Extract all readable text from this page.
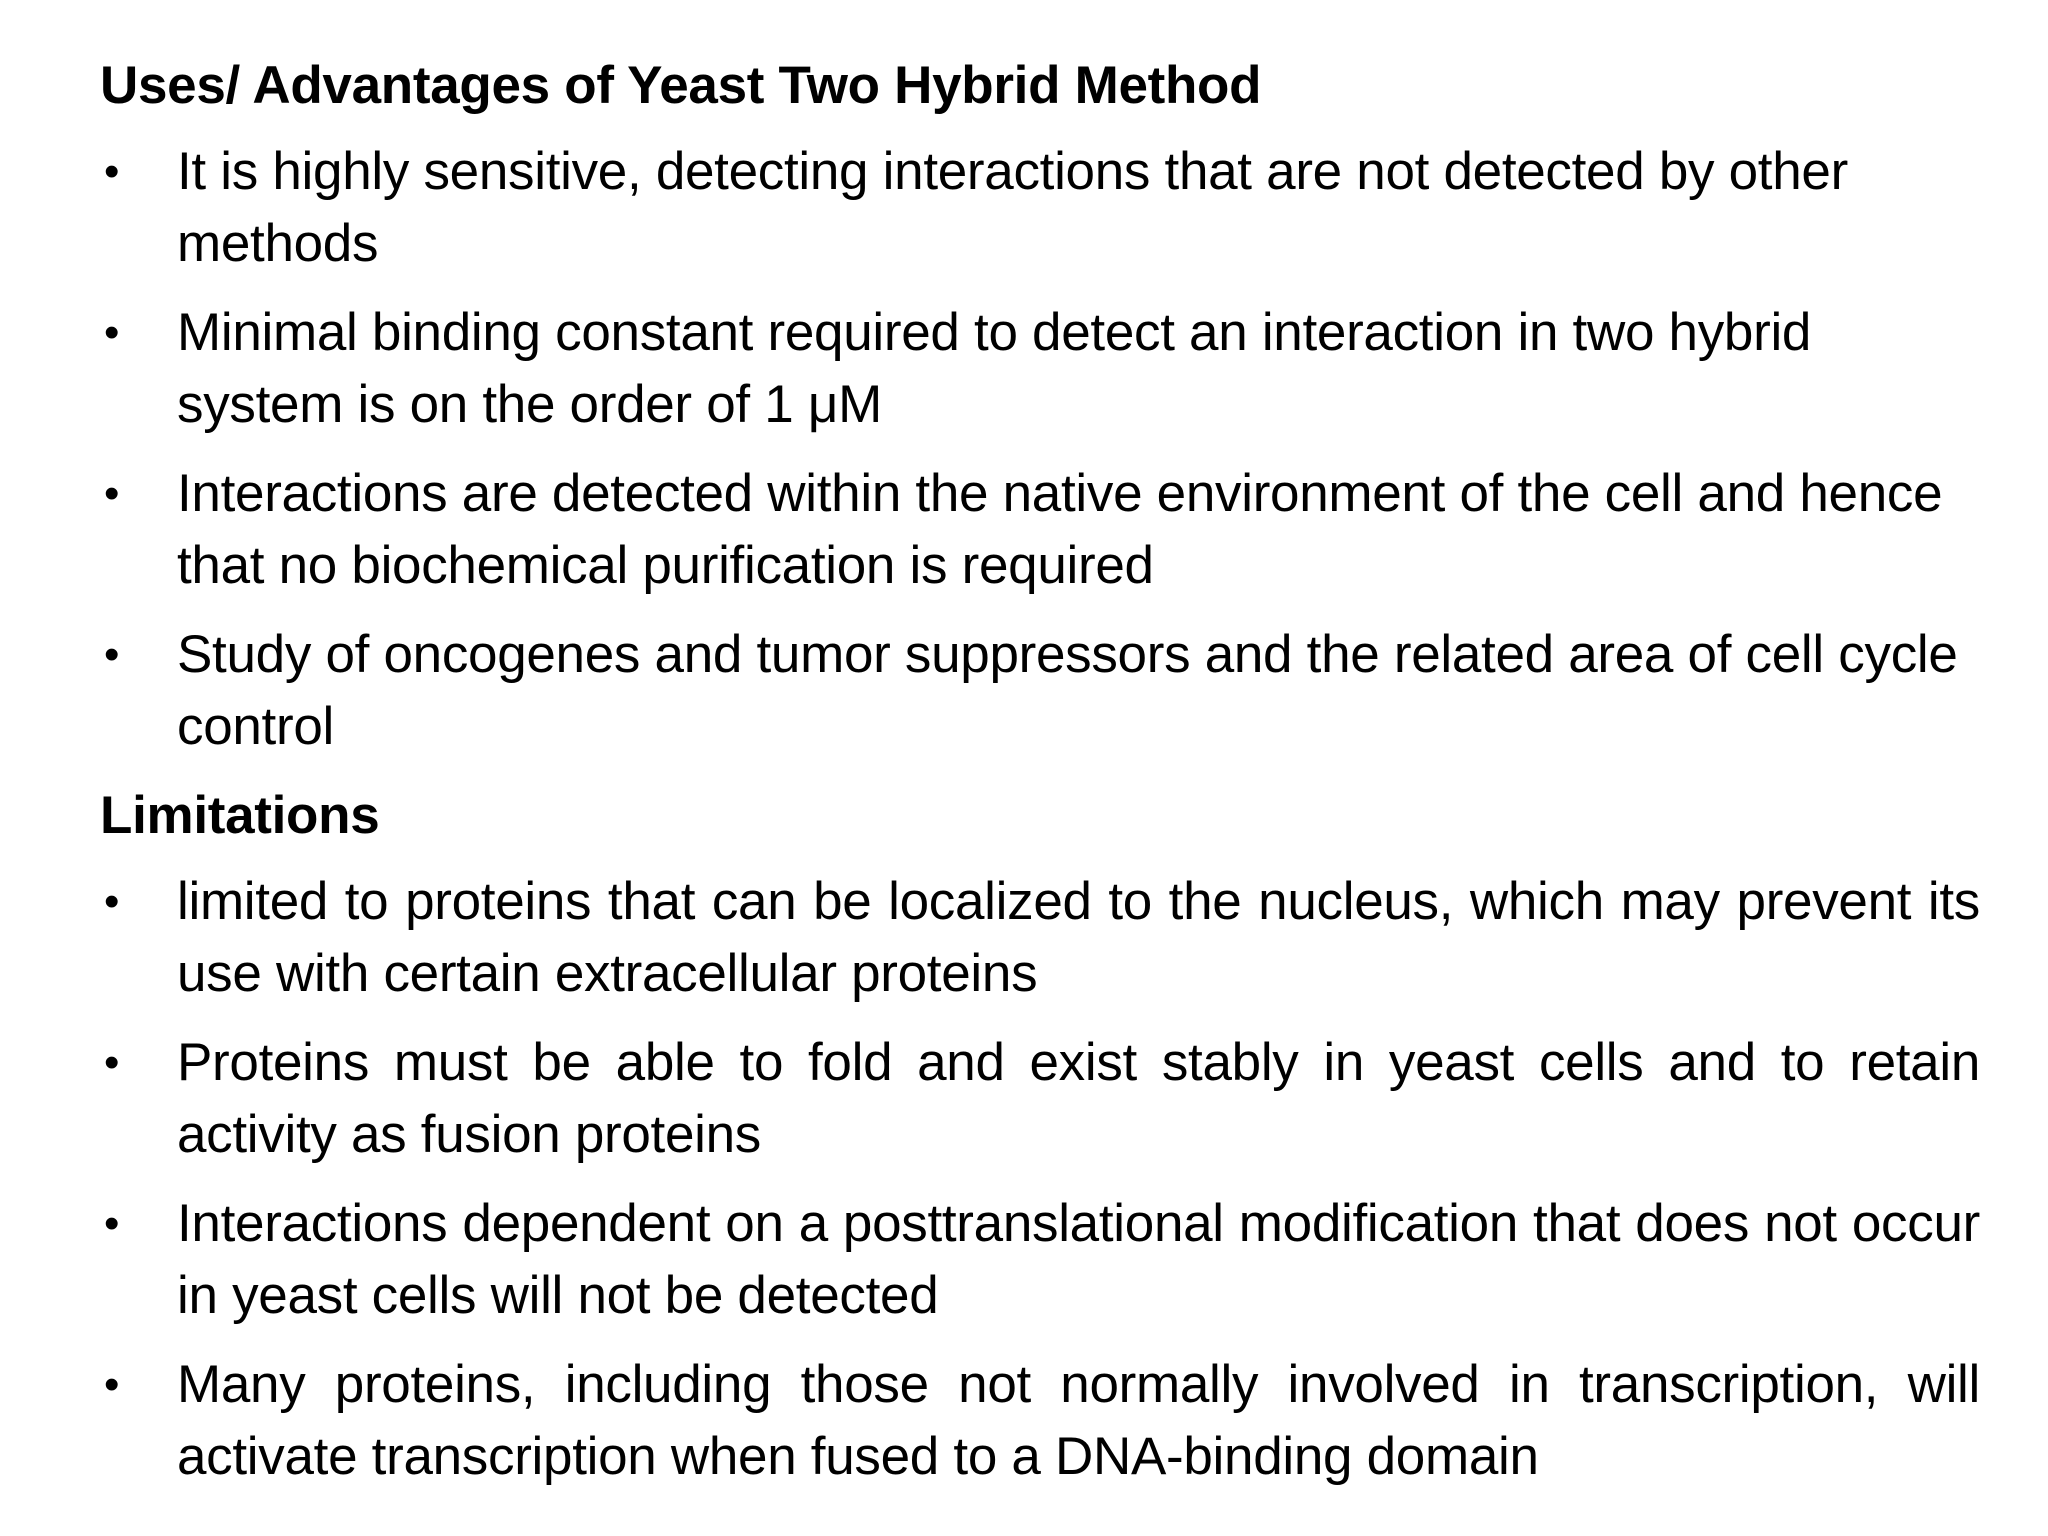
Uses/ Advantages of Yeast Two Hybrid Method
• It is highly sensitive, detecting interactions that are not detected by other methods
• Minimal binding constant required to detect an interaction in two hybrid system is on the order of 1 μM
• Interactions are detected within the native environment of the cell and hence that no biochemical purification is required
• Study of oncogenes and tumor suppressors and the related area of cell cycle control
Limitations
• limited to proteins that can be localized to the nucleus, which may prevent its use with certain extracellular proteins
• Proteins must be able to fold and exist stably in yeast cells and to retain activity as fusion proteins
• Interactions dependent on a posttranslational modification that does not occur in yeast cells will not be detected
• Many proteins, including those not normally involved in transcription, will activate transcription when fused to a DNA-binding domain
